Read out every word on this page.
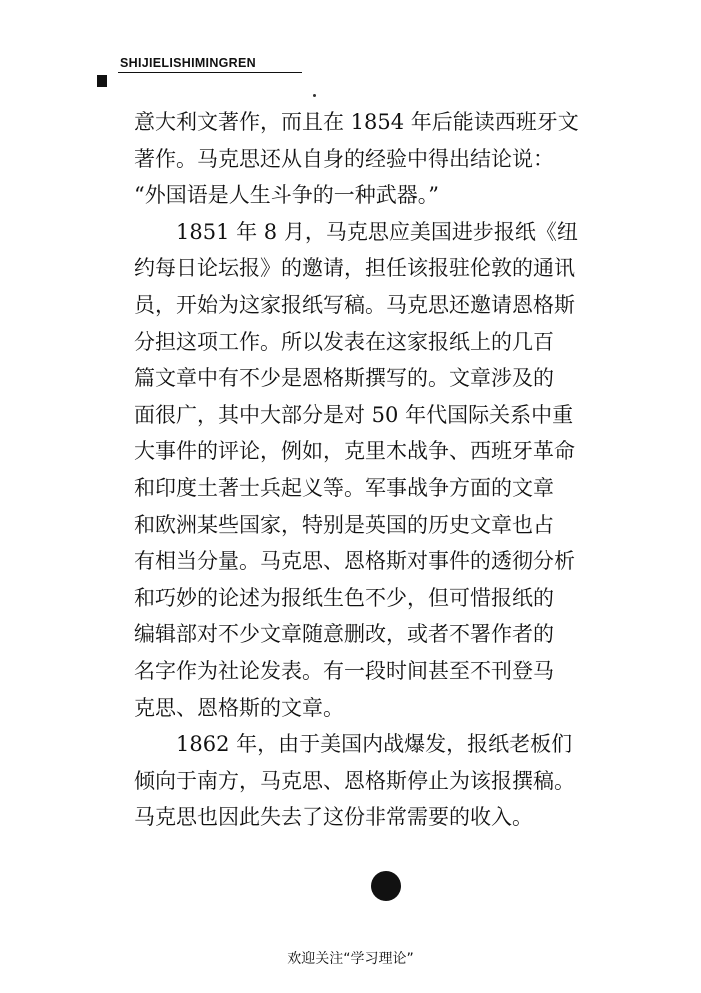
SHIJIELISHIMINGREN
意大利文著作，而且在 1854 年后能读西班牙文
著作。马克思还从自身的经验中得出结论说：
“外国语是人生斗争的一种武器。”
1851 年 8 月，马克思应美国进步报纸《纽
约每日论坛报》的邀请，担任该报驻伦敦的通讯
员，开始为这家报纸写稿。马克思还邀请恩格斯
分担这项工作。所以发表在这家报纸上的几百
篇文章中有不少是恩格斯撰写的。文章涉及的
面很广，其中大部分是对 50 年代国际关系中重
大事件的评论，例如，克里木战争、西班牙革命
和印度土著士兵起义等。军事战争方面的文章
和欧洲某些国家，特别是英国的历史文章也占
有相当分量。马克思、恩格斯对事件的透彻分析
和巧妙的论述为报纸生色不少，但可惜报纸的
编辑部对不少文章随意删改，或者不署作者的
名字作为社论发表。有一段时间甚至不刊登马
克思、恩格斯的文章。
1862 年，由于美国内战爆发，报纸老板们
倾向于南方，马克思、恩格斯停止为该报撰稿。
马克思也因此失去了这份非常需要的收入。
欢迎关注“学习理论”
